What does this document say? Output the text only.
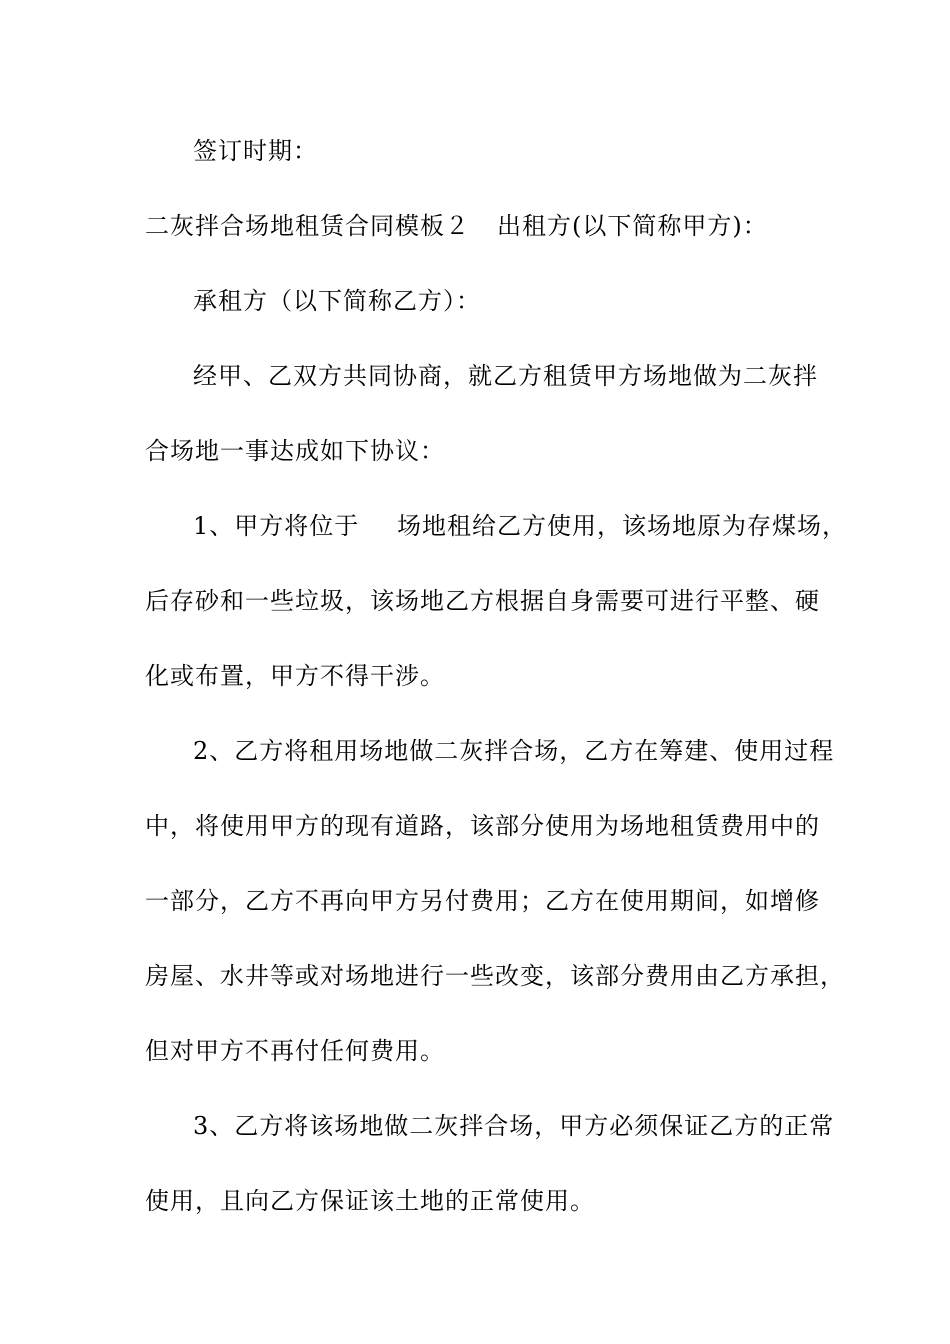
签订时期：
二灰拌合场地租赁合同模板２ 出租方(以下简称甲方)：
承租方（以下简称乙方）：
经甲、乙双方共同协商，就乙方租赁甲方场地做为二灰拌
合场地一事达成如下协议：
1、甲方将位于 场地租给乙方使用，该场地原为存煤场，
后存砂和一些垃圾，该场地乙方根据自身需要可进行平整、硬
化或布置，甲方不得干涉。
2、乙方将租用场地做二灰拌合场，乙方在筹建、使用过程
中，将使用甲方的现有道路，该部分使用为场地租赁费用中的
一部分，乙方不再向甲方另付费用；乙方在使用期间，如增修
房屋、水井等或对场地进行一些改变，该部分费用由乙方承担，
但对甲方不再付任何费用。
3、乙方将该场地做二灰拌合场，甲方必须保证乙方的正常
使用，且向乙方保证该土地的正常使用。
